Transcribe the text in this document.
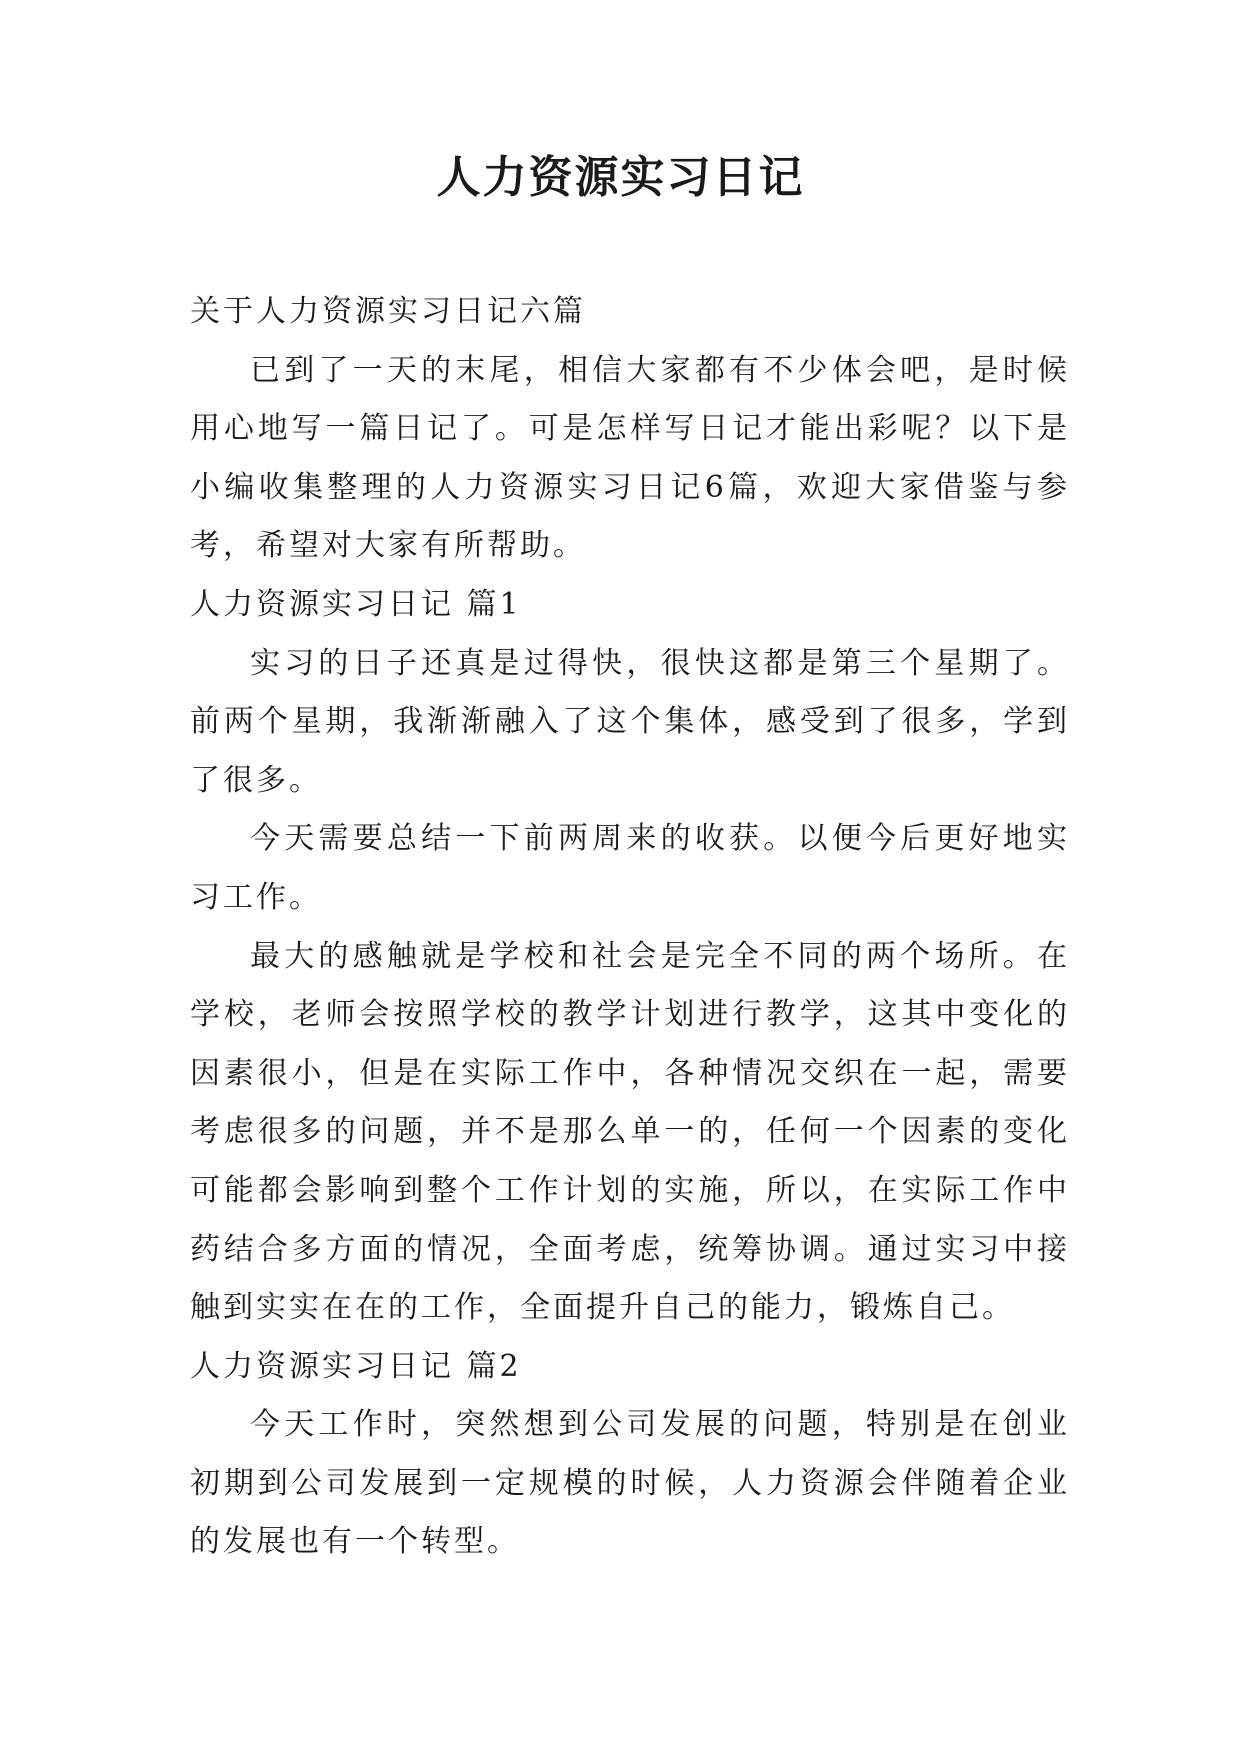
人力资源实习日记

关于人力资源实习日记六篇

已到了一天的末尾，相信大家都有不少体会吧，是时候用心地写一篇日记了。可是怎样写日记才能出彩呢？以下是小编收集整理的人力资源实习日记6篇，欢迎大家借鉴与参考，希望对大家有所帮助。

人力资源实习日记 篇1

实习的日子还真是过得快，很快这都是第三个星期了。前两个星期，我渐渐融入了这个集体，感受到了很多，学到了很多。

今天需要总结一下前两周来的收获。以便今后更好地实习工作。

最大的感触就是学校和社会是完全不同的两个场所。在学校，老师会按照学校的教学计划进行教学，这其中变化的因素很小，但是在实际工作中，各种情况交织在一起，需要考虑很多的问题，并不是那么单一的，任何一个因素的变化可能都会影响到整个工作计划的实施，所以，在实际工作中药结合多方面的情况，全面考虑，统筹协调。通过实习中接触到实实在在的工作，全面提升自己的能力，锻炼自己。

人力资源实习日记 篇2

今天工作时，突然想到公司发展的问题，特别是在创业初期到公司发展到一定规模的时候，人力资源会伴随着企业的发展也有一个转型。
